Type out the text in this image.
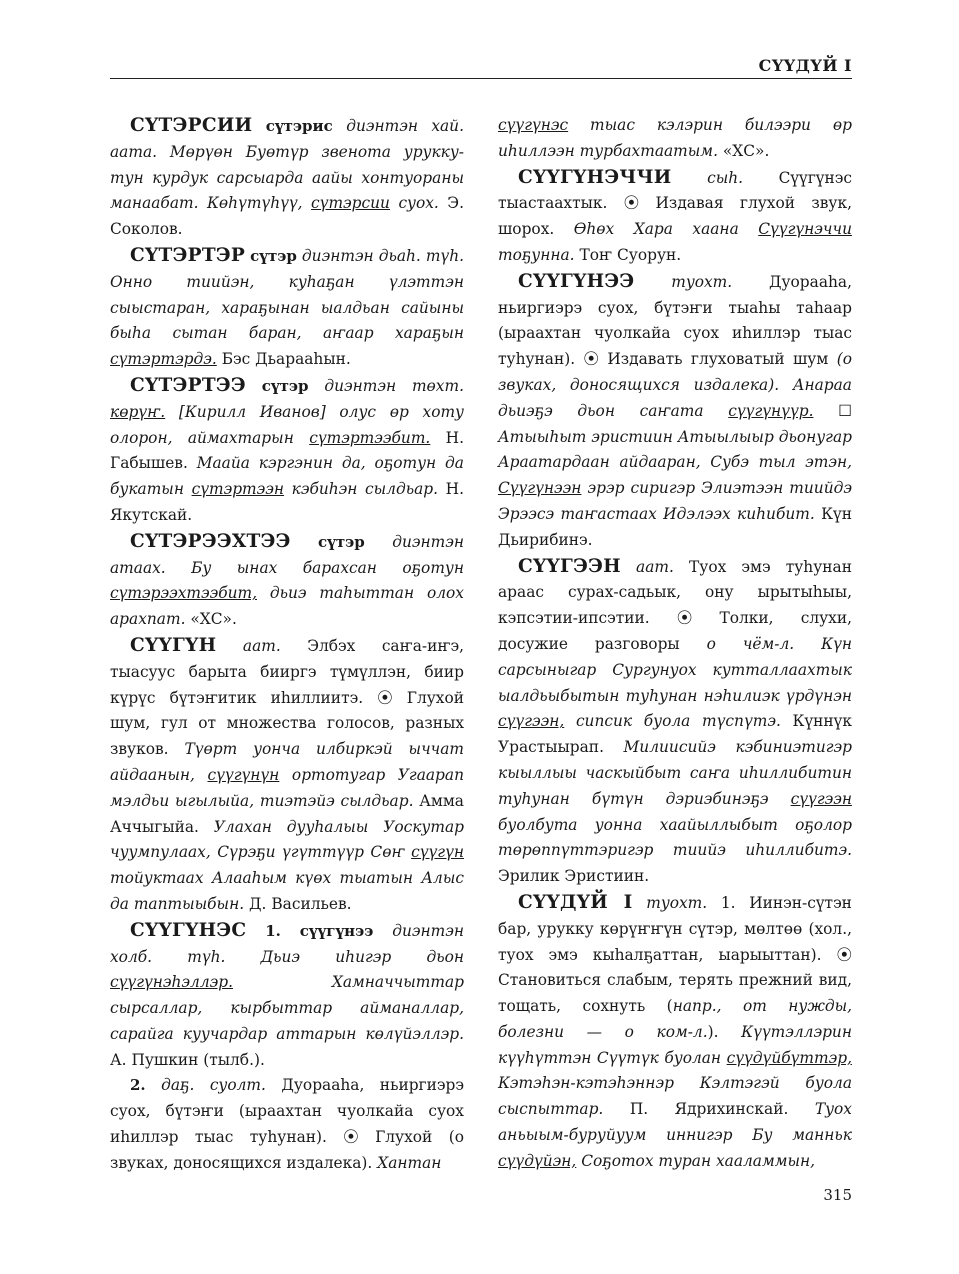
СҮҮДҮЙ I

СҮТЭРСИИ сүтэрис диэнтэн хай. аата. Мөрүөн Буөтүр звенота урукку-тун курдук сарсыарда аайы хонтуораны манаабат. Көһүтүһүү, сүтэрсии суох. Э. Соколов.

СҮТЭРТЭР сүтэр диэнтэн дьаһ. түһ. Онно тиийэн, куһаҕан үлэттэн сыыстаран, хараҕынан ыалдьан сайыны быһа сытан баран, аҥаар хараҕын сүтэртэрдэ. Бэс Дьарааһын.

СҮТЭРТЭЭ сүтэр диэнтэн төхт. көрүҥ. [Кирилл Иванов] олус өр хоту олорон, аймахтарын сүтэртээбит. Н. Габышев. Маайа кэргэнин да, оҕотун да букатын сүтэртээн кэбиһэн сылдьар. Н. Якутскай.

СҮТЭРЭЭХТЭЭ сүтэр диэнтэн атаах. Бу ынах барахсан оҕотун сүтэрээхтээбит, дьиэ таһыттан олох арахпат. «ХС».

СҮҮГҮН аат. Элбэх саҥа-иҥэ, тыасуус барыта бииргэ түмүллэн, биир күрүс бүтэҥитик иһиллиитэ. ⦿ Глухой шум, гул от множества голосов, разных звуков. Түөрт уонча илбиркэй ыччат айдаанын, сүүгүнүн ортотугар Угаарап мэлдьи ыгылыйа, тиэтэйэ сылдьар. Амма Аччыгыйа. Улахан дууһалыы Уоскутар чуумпулаах, Сүрэҕи үгүттүүр Сөҥ сүүгүн тойуктаах Алааһым күөх тыатын Алыс да таптыыбын. Д. Васильев.

СҮҮГҮНЭС 1. сүүгүнээ диэнтэн холб. түһ. Дьиэ иһигэр дьон сүүгүнэһэллэр.	Хамначчыттар сырсаллар, кырбыттар айманаллар, сарайга куучардар аттарын көлүйэллэр. А. Пушкин (тылб.).

2. даҕ. суолт. Дуорааһа, ньиргиэрэ суох, бүтэҥи (ыраахтан чуолкайа суох иһиллэр тыас туһунан). ⦿ Глухой (о звуках, доносящихся издалека). Хантан

сүүгүнэс тыас кэлэрин билээри өр иһиллээн турбахтаатым. «ХС».

СҮҮГҮНЭЧЧИ сыһ. Сүүгүнэс тыастаахтык. ⦿ Издавая глухой звук, шорох. Өһөх Хара хаана Сүүгүнэччи тоҕунна. Тоҥ Суорун.

СҮҮГҮНЭЭ туохт. Дуорааһа, ньиргиэрэ суох, бүтэҥи тыаһы таһаар (ыраахтан чуолкайа суох иһиллэр тыас туһунан). ⦿ Издавать глуховатый шум (о звуках, доносящихся издалека). Анараа дьиэҕэ дьон саҥата сүүгүнүүр. ☐ Атыыһыт эристиин Атыылыыр дьонугар Араатардаан айдааран, Субэ тыл этэн, Сүүгүнээн эрэр сиригэр Элиэтээн тиийдэ Эрээсэ таҥастаах Идэлээх киһибит. Күн Дьирибинэ.

СҮҮГЭЭН аат. Туох эмэ туһунан араас сурах-садьык, ону ырытыһыы, кэпсэтии-ипсэтии. ⦿ Толки, слухи, досужие разговоры о чём-л. Күн сарсыныгар Сургунуох кутталлаахтык ыалдьыбытын туһунан нэһилиэк үрдүнэн сүүгээн, сипсик буола түспүтэ. Күннүк Урастыырап. Милиисийэ кэбиниэтигэр кыыллыы часкыйбыт саҥа иһиллибитин туһунан бүтүн дэриэбинэҕэ сүүгээн буолбута уонна хаайыллыбыт оҕолор төрөппүттэригэр тиийэ иһиллибитэ. Эрилик Эристиин.

СҮҮДҮЙ I туохт. 1. Иинэн-сүтэн бар, урукку көрүҥҥүн сүтэр, мөлтөө (хол., туох эмэ кыһалҕаттан, ыарыыттан). ⦿ Становиться слабым, терять прежний вид, тощать, сохнуть (напр., от нужды, болезни — о ком-л.). Күүтэллэрин күүһүттэн Сүүтүк буолан сүүдүйбүттэр, Кэтэһэн-кэтэһэннэр Кэлтэгэй буола сыспыттар. П. Ядрихинскай. Туох аньыым-буруйуум иннигэр Бу манньк сүүдүйэн, Соҕотох туран хааламмын,

315
